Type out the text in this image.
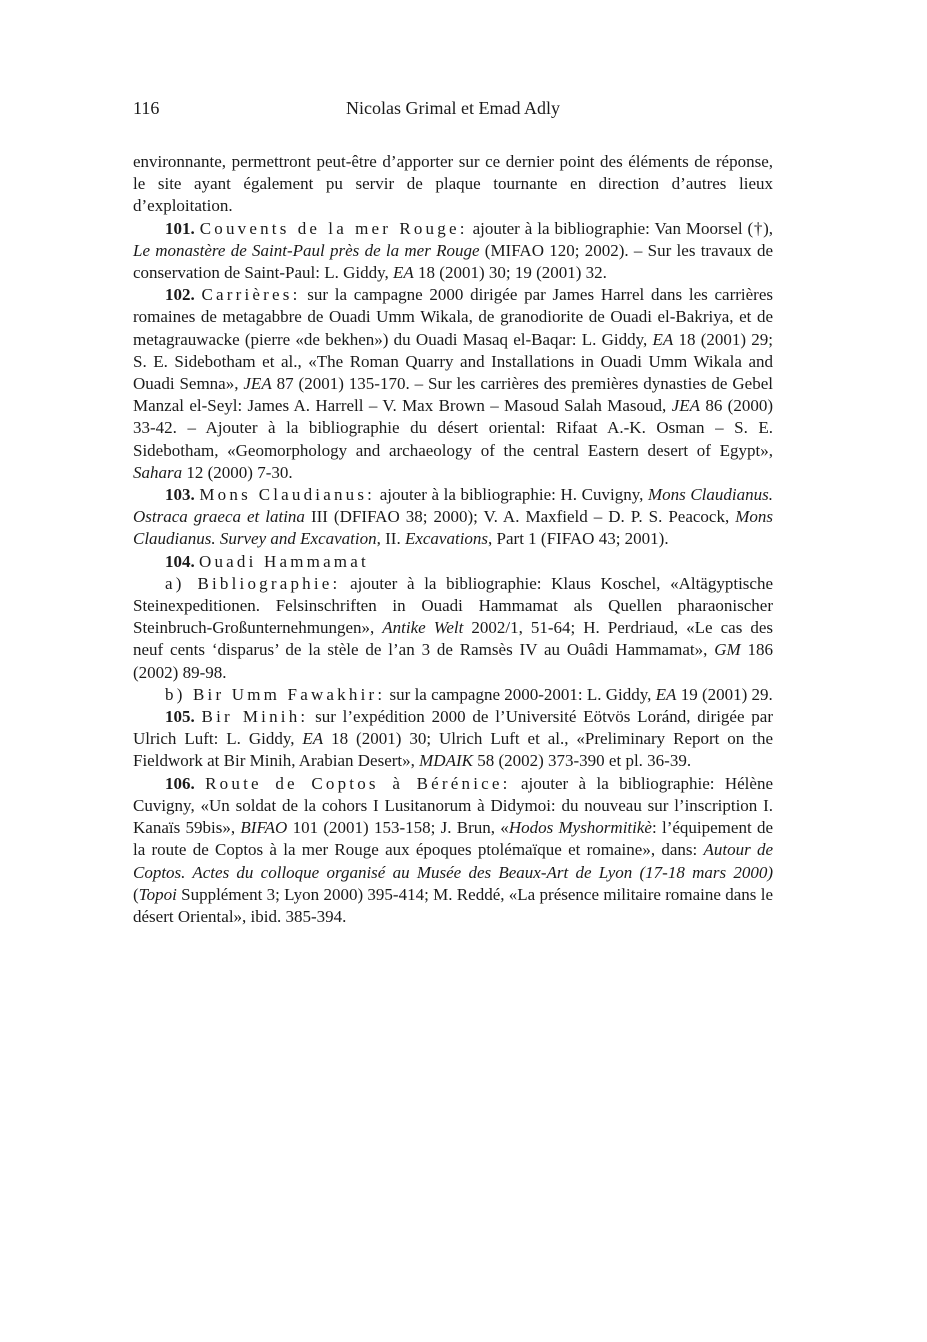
116	Nicolas Grimal et Emad Adly

environnante, permettront peut-être d’apporter sur ce dernier point des éléments de réponse, le site ayant également pu servir de plaque tournante en direction d’autres lieux d’exploitation.

101. Couvents de la mer Rouge: ajouter à la bibliographie: Van Moorsel (†), Le monastère de Saint-Paul près de la mer Rouge (MIFAO 120; 2002). – Sur les travaux de conservation de Saint-Paul: L. Giddy, EA 18 (2001) 30; 19 (2001) 32.

102. Carrières: sur la campagne 2000 dirigée par James Harrel dans les carrières romaines de metagabbre de Ouadi Umm Wikala, de granodiorite de Ouadi el-Bakriya, et de metagrauwacke (pierre «de bekhen») du Ouadi Masaq el-Baqar: L. Giddy, EA 18 (2001) 29; S. E. Sidebotham et al., «The Roman Quarry and Installations in Ouadi Umm Wikala and Ouadi Semna», JEA 87 (2001) 135-170. – Sur les carrières des premières dynasties de Gebel Manzal el-Seyl: James A. Harrell – V. Max Brown – Masoud Salah Masoud, JEA 86 (2000) 33-42. – Ajouter à la bibliographie du désert oriental: Rifaat A.-K. Osman – S. E. Sidebotham, «Geomorphology and archaeology of the central Eastern desert of Egypt», Sahara 12 (2000) 7-30.

103. Mons Claudianus: ajouter à la bibliographie: H. Cuvigny, Mons Claudianus. Ostraca graeca et latina III (DFIFAO 38; 2000); V. A. Maxfield – D. P. S. Peacock, Mons Claudianus. Survey and Excavation, II. Excavations, Part 1 (FIFAO 43; 2001).

104. Ouadi Hammamat

a) Bibliographie: ajouter à la bibliographie: Klaus Koschel, «Altägyptische Steinexpeditionen. Felsinschriften in Ouadi Hammamat als Quellen pharaonischer Steinbruch-Großunternehmungen», Antike Welt 2002/1, 51-64; H. Perdriaud, «Le cas des neuf cents ‘disparus’ de la stèle de l’an 3 de Ramsès IV au Ouâdi Hammamat», GM 186 (2002) 89-98.

b) Bir Umm Fawakhir: sur la campagne 2000-2001: L. Giddy, EA 19 (2001) 29.

105. Bir Minih: sur l’expédition 2000 de l’Université Eötvös Loránd, dirigée par Ulrich Luft: L. Giddy, EA 18 (2001) 30; Ulrich Luft et al., «Preliminary Report on the Fieldwork at Bir Minih, Arabian Desert», MDAIK 58 (2002) 373-390 et pl. 36-39.

106. Route de Coptos à Bérénice: ajouter à la bibliographie: Hélène Cuvigny, «Un soldat de la cohors I Lusitanorum à Didymoi: du nouveau sur l’inscription I. Kanaïs 59bis», BIFAO 101 (2001) 153-158; J. Brun, «Hodos Myshormitikè: l’équipement de la route de Coptos à la mer Rouge aux époques ptolémaïque et romaine», dans: Autour de Coptos. Actes du colloque organisé au Musée des Beaux-Art de Lyon (17-18 mars 2000) (Topoi Supplément 3; Lyon 2000) 395-414; M. Reddé, «La présence militaire romaine dans le désert Oriental», ibid. 385-394.
